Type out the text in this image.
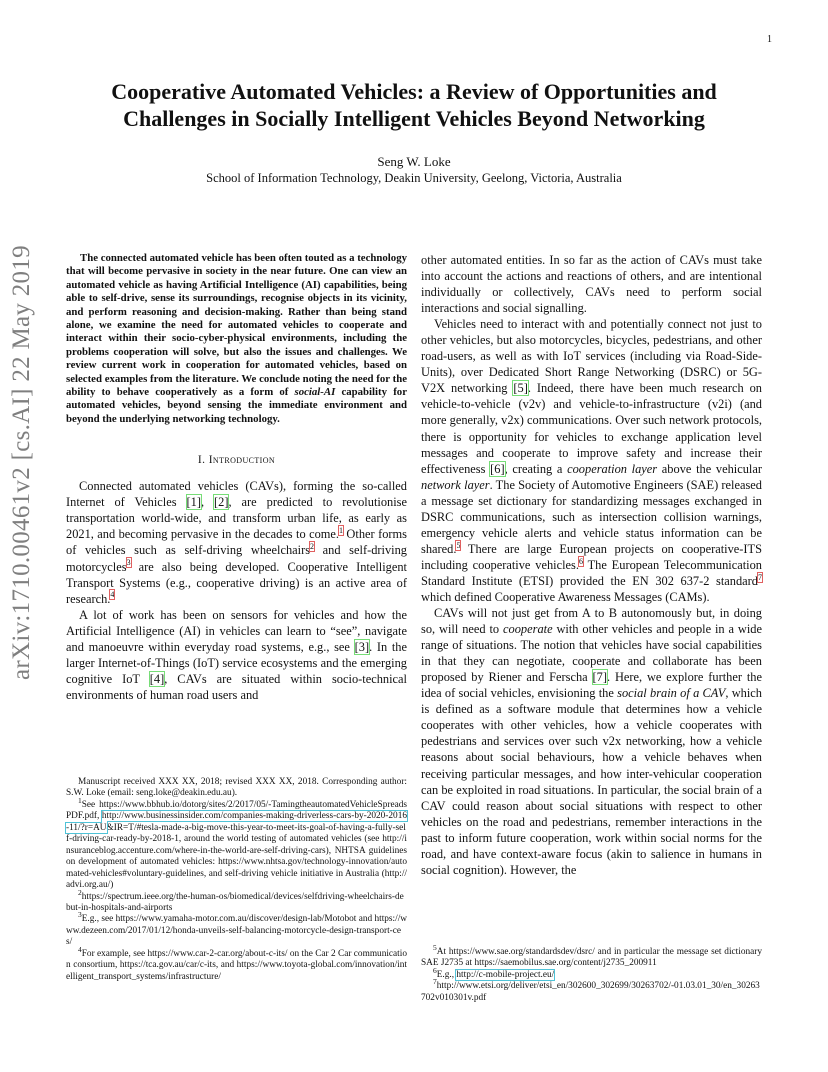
1
arXiv:1710.00461v2 [cs.AI] 22 May 2019
Cooperative Automated Vehicles: a Review of Opportunities and
Challenges in Socially Intelligent Vehicles Beyond Networking
Seng W. Loke
School of Information Technology, Deakin University, Geelong, Victoria, Australia

The connected automated vehicle has been often touted as a technology that will become pervasive in society in the near future. One can view an automated vehicle as having Artificial Intelligence (AI) capabilities, being able to self-drive, sense its surroundings, recognise objects in its vicinity, and perform reasoning and decision-making. Rather than being stand alone, we examine the need for automated vehicles to cooperate and interact within their socio-cyber-physical environments, including the problems cooperation will solve, but also the issues and challenges. We review current work in cooperation for automated vehicles, based on selected examples from the literature. We conclude noting the need for the ability to behave cooperatively as a form of social-AI capability for automated vehicles, beyond sensing the immediate environment and beyond the underlying networking technology.

I. Introduction

Connected automated vehicles (CAVs), forming the so-called Internet of Vehicles [1], [2], are predicted to revolutionise transportation world-wide, and transform urban life, as early as 2021, and becoming pervasive in the decades to come.$^1$ Other forms of vehicles such as self-driving wheelchairs$^2$ and self-driving motorcycles$^3$ are also being developed. Cooperative Intelligent Transport Systems (e.g., cooperative driving) is an active area of research.$^4$

A lot of work has been on sensors for vehicles and how the Artificial Intelligence (AI) in vehicles can learn to “see”, navigate and manoeuvre within everyday road systems, e.g., see [3]. In the larger Internet-of-Things (IoT) service ecosystems and the emerging cognitive IoT [4], CAVs are situated within socio-technical environments of human road users and

Manuscript received XXX XX, 2018; revised XXX XX, 2018. Corresponding author: S.W. Loke (email: seng.loke@deakin.edu.au).

$^1$See https://www.bbhub.io/dotorg/sites/2/2017/05/-TamingtheautomatedVehicleSpreadsPDF.pdf, http://www.businessinsider.com/companies-making-driverless-cars-by-2020-2016-11/?r=AU&IR=T/#tesla-made-a-big-move-this-year-to-meet-its-goal-of-having-a-fully-self-driving-car-ready-by-2018-1, around the world testing of automated vehicles (see http://insuranceblog.accenture.com/where-in-the-world-are-self-driving-cars), NHTSA guidelines on development of automated vehicles: https://www.nhtsa.gov/technology-innovation/automated-vehicles#voluntary-guidelines, and self-driving vehicle initiative in Australia (http://advi.org.au/)

$^2$https://spectrum.ieee.org/the-human-os/biomedical/devices/selfdriving-wheelchairs-debut-in-hospitals-and-airports

$^3$E.g., see https://www.yamaha-motor.com.au/discover/design-lab/Motobot and https://www.dezeen.com/2017/01/12/honda-unveils-self-balancing-motorcycle-design-transport-ces/

$^4$For example, see https://www.car-2-car.org/about-c-its/ on the Car 2 Car communication consortium, https://tca.gov.au/car/c-its, and https://www.toyota-global.com/innovation/intelligent_transport_systems/infrastructure/

other automated entities. In so far as the action of CAVs must take into account the actions and reactions of others, and are intentional individually or collectively, CAVs need to perform social interactions and social signalling.

Vehicles need to interact with and potentially connect not just to other vehicles, but also motorcycles, bicycles, pedestrians, and other road-users, as well as with IoT services (including via Road-Side-Units), over Dedicated Short Range Networking (DSRC) or 5G-V2X networking [5]. Indeed, there have been much research on vehicle-to-vehicle (v2v) and vehicle-to-infrastructure (v2i) (and more generally, v2x) communications. Over such network protocols, there is opportunity for vehicles to exchange application level messages and cooperate to improve safety and increase their effectiveness [6], creating a cooperation layer above the vehicular network layer. The Society of Automotive Engineers (SAE) released a message set dictionary for standardizing messages exchanged in DSRC communications, such as intersection collision warnings, emergency vehicle alerts and vehicle status information can be shared.$^5$ There are large European projects on cooperative-ITS including cooperative vehicles.$^6$ The European Telecommunication Standard Institute (ETSI) provided the EN 302 637-2 standard$^7$ which defined Cooperative Awareness Messages (CAMs).

CAVs will not just get from A to B autonomously but, in doing so, will need to cooperate with other vehicles and people in a wide range of situations. The notion that vehicles have social capabilities in that they can negotiate, cooperate and collaborate has been proposed by Riener and Ferscha [7]. Here, we explore further the idea of social vehicles, envisioning the social brain of a CAV, which is defined as a software module that determines how a vehicle cooperates with other vehicles, how a vehicle cooperates with pedestrians and services over such v2x networking, how a vehicle reasons about social behaviours, how a vehicle behaves when receiving particular messages, and how inter-vehicular cooperation can be exploited in road situations. In particular, the social brain of a CAV could reason about social situations with respect to other vehicles on the road and pedestrians, remember interactions in the past to inform future cooperation, work within social norms for the road, and have context-aware focus (akin to salience in humans in social cognition). However, the

$^5$At https://www.sae.org/standardsdev/dsrc/ and in particular the message set dictionary SAE J2735 at https://saemobilus.sae.org/content/j2735_200911

$^6$E.g., http://c-mobile-project.eu/

$^7$http://www.etsi.org/deliver/etsi_en/302600_302699/30263702/-01.03.01_30/en_30263702v010301v.pdf
